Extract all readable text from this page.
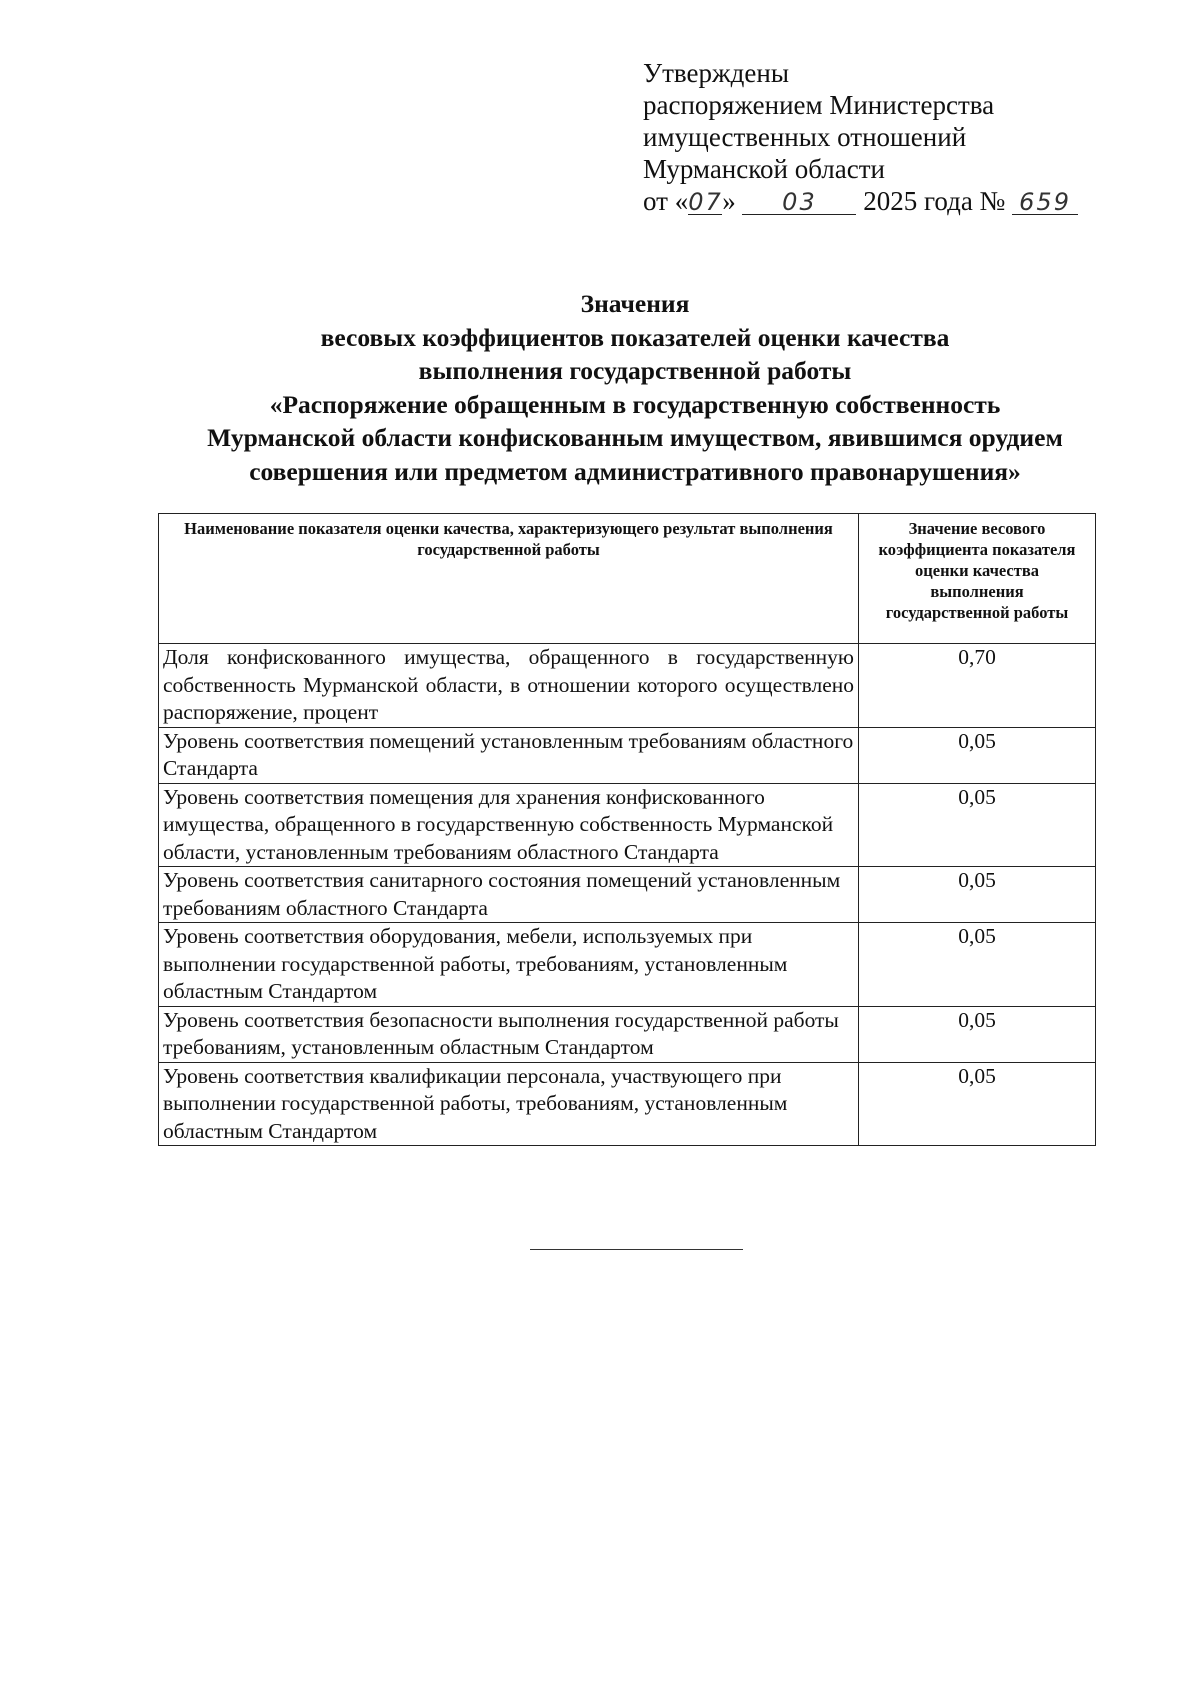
Утверждены
распоряжением Министерства
имущественных отношений
Мурманской области
от «07» 03 2025 года № 659
Значения
весовых коэффициентов показателей оценки качества
выполнения государственной работы
«Распоряжение обращенным в государственную собственность
Мурманской области конфискованным имуществом, явившимся орудием
совершения или предметом административного правонарушения»
Наименование показателя оценки качества, характеризующего результат выполнения государственной работы	Значение весового коэффициента показателя оценки качества выполнения государственной работы
Доля конфискованного имущества, обращенного в государственную собственность Мурманской области, в отношении которого осуществлено распоряжение, процент	0,70
Уровень соответствия помещений установленным требованиям областного Стандарта	0,05
Уровень соответствия помещения для хранения конфискованного имущества, обращенного в государственную собственность Мурманской области, установленным требованиям областного Стандарта	0,05
Уровень соответствия санитарного состояния помещений установленным требованиям областного Стандарта	0,05
Уровень соответствия оборудования, мебели, используемых при выполнении государственной работы, требованиям, установленным областным Стандартом	0,05
Уровень соответствия безопасности выполнения государственной работы требованиям, установленным областным Стандартом	0,05
Уровень соответствия квалификации персонала, участвующего при выполнении государственной работы, требованиям, установленным областным Стандартом	0,05
